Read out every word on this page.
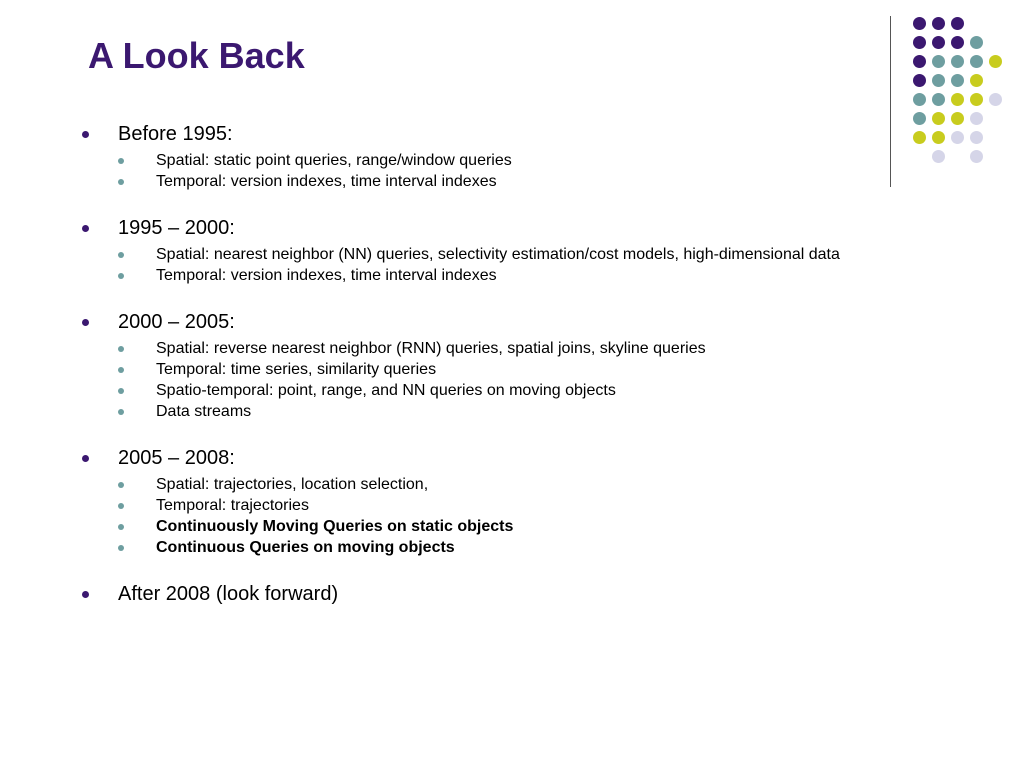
A Look Back
Before 1995:
Spatial: static point queries, range/window queries
Temporal: version indexes, time interval indexes
1995 – 2000:
Spatial: nearest neighbor (NN) queries, selectivity estimation/cost models, high-dimensional data
Temporal: version indexes, time interval indexes
2000 – 2005:
Spatial: reverse nearest neighbor (RNN) queries, spatial joins, skyline queries
Temporal: time series, similarity queries
Spatio-temporal: point, range, and NN queries on moving objects
Data streams
2005 – 2008:
Spatial: trajectories, location selection,
Temporal: trajectories
Continuously Moving Queries on static objects
Continuous Queries on moving objects
After 2008 (look forward)
